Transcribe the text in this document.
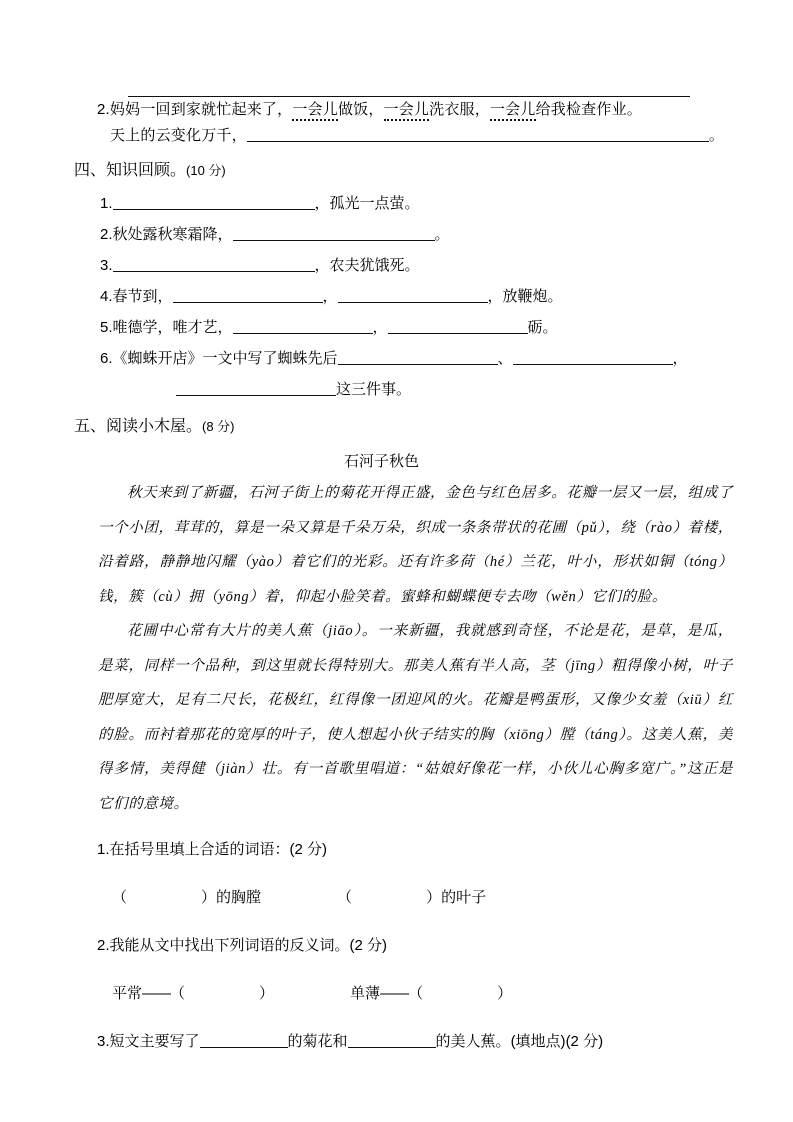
2.妈妈一回到家就忙起来了，一会儿做饭，一会儿洗衣服，一会儿给我检查作业。
天上的云变化万千，	。
四、知识回顾。(10 分)
1.	，孤光一点萤。
2.秋处露秋寒霜降，	。
3.	，农夫犹饿死。
4.春节到，	，	，放鞭炮。
5.唯德学，唯才艺，	，	砺。
6.《蜘蛛开店》一文中写了蜘蛛先后	、	，
这三件事。
五、阅读小木屋。(8 分)
石河子秋色

秋天来到了新疆，石河子街上的菊花开得正盛，金色与红色居多。花瓣一层又一层，组成了一个小团，茸茸的，算是一朵又算是千朵万朵，织成一条条带状的花圃（pǔ），绕（rào）着楼，沿着路，静静地闪耀（yào）着它们的光彩。还有许多荷（hé）兰花，叶小，形状如铜（tóng）钱，簇（cù）拥（yōng）着，仰起小脸笑着。蜜蜂和蝴蝶便专去吻（wěn）它们的脸。

花圃中心常有大片的美人蕉（jiāo）。一来新疆，我就感到奇怪，不论是花，是草，是瓜，是菜，同样一个品种，到这里就长得特别大。那美人蕉有半人高，茎（jīng）粗得像小树，叶子肥厚宽大，足有二尺长，花极红，红得像一团迎风的火。花瓣是鸭蛋形，又像少女羞（xiū）红的脸。而衬着那花的宽厚的叶子，使人想起小伙子结实的胸（xiōng）膛（táng）。这美人蕉，美得多情，美得健（jiàn）壮。有一首歌里唱道：“姑娘好像花一样，小伙儿心胸多宽广。”这正是它们的意境。

1.在括号里填上合适的词语：(2 分)
（	）的胸膛	（	）的叶子
2.我能从文中找出下列词语的反义词。(2 分)
平常——（	）	单薄——（	）
3.短文主要写了	的菊花和	的美人蕉。(填地点)(2 分)
